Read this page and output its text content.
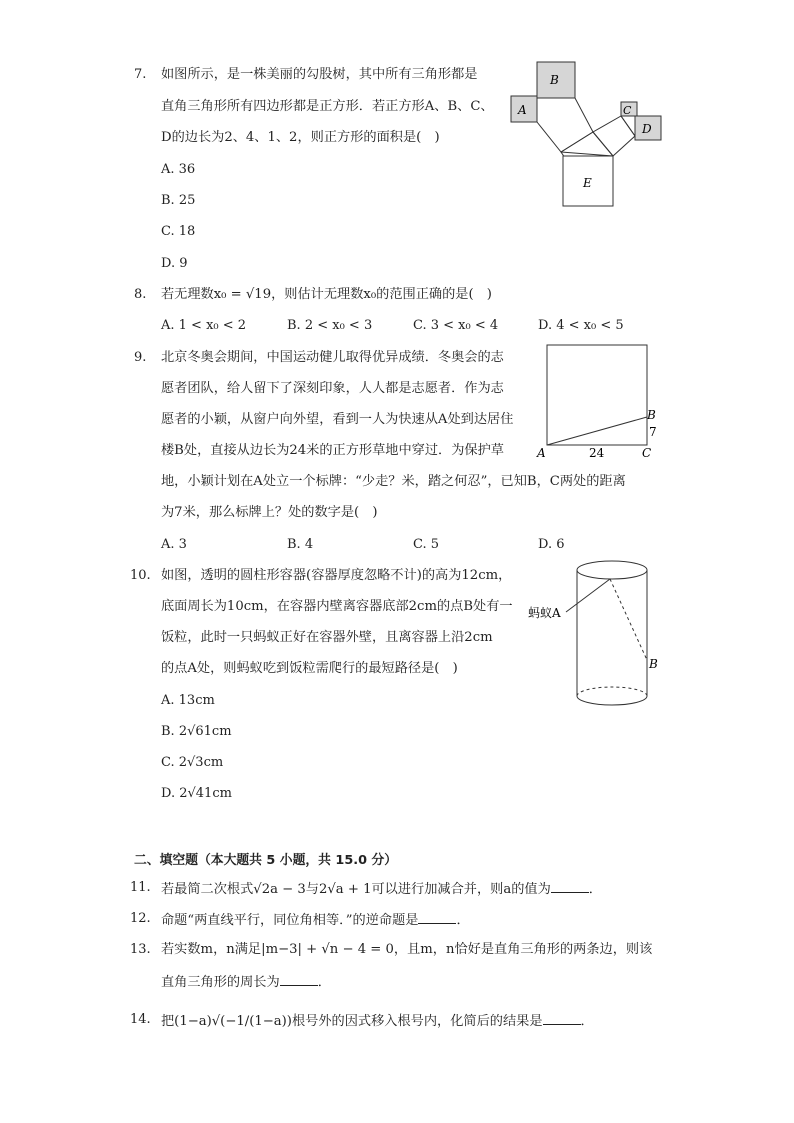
7. 如图所示，是一株美丽的勾股树，其中所有三角形都是
直角三角形所有四边形都是正方形．若正方形A、B、C、
D的边长为2、4、1、2，则正方形的面积是(　)
A. 36
B. 25
C. 18
D. 9
B
A	C
D
E
8. 若无理数x₀ = √19，则估计无理数x₀的范围正确的是(　)
A. 1 < x₀ < 2	B. 2 < x₀ < 3	C. 3 < x₀ < 4	D. 4 < x₀ < 5
9. 北京冬奥会期间，中国运动健儿取得优异成绩．冬奥会的志
愿者团队，给人留下了深刻印象，人人都是志愿者．作为志
愿者的小颖，从窗户向外望，看到一人为快速从A处到达居住
楼B处，直接从边长为24米的正方形草地中穿过．为保护草
地，小颖计划在A处立一个标牌：“少走？米，踏之何忍”，已知B，C两处的距离
为7米，那么标牌上？处的数字是(　)
A. 3	B. 4	C. 5	D. 6
A	24	C
B
7
10. 如图，透明的圆柱形容器(容器厚度忽略不计)的高为12cm，
底面周长为10cm，在容器内壁离容器底部2cm的点B处有一
饭粒，此时一只蚂蚁正好在容器外壁，且离容器上沿2cm
的点A处，则蚂蚁吃到饭粒需爬行的最短路径是(　)
A. 13cm
B. 2√61cm
C. 2√3cm
D. 2√41cm
蚂蚁A
B
二、填空题（本大题共 5 小题，共 15.0 分）
11. 若最简二次根式√2a − 3与2√a + 1可以进行加减合并，则a的值为	．
12. 命题“两直线平行，同位角相等．”的逆命题是	．
13. 若实数m，n满足|m−3| + √n − 4 = 0，且m，n恰好是直角三角形的两条边，则该
直角三角形的周长为	．
14. 把(1−a)√(−1/(1−a))根号外的因式移入根号内，化简后的结果是	．
